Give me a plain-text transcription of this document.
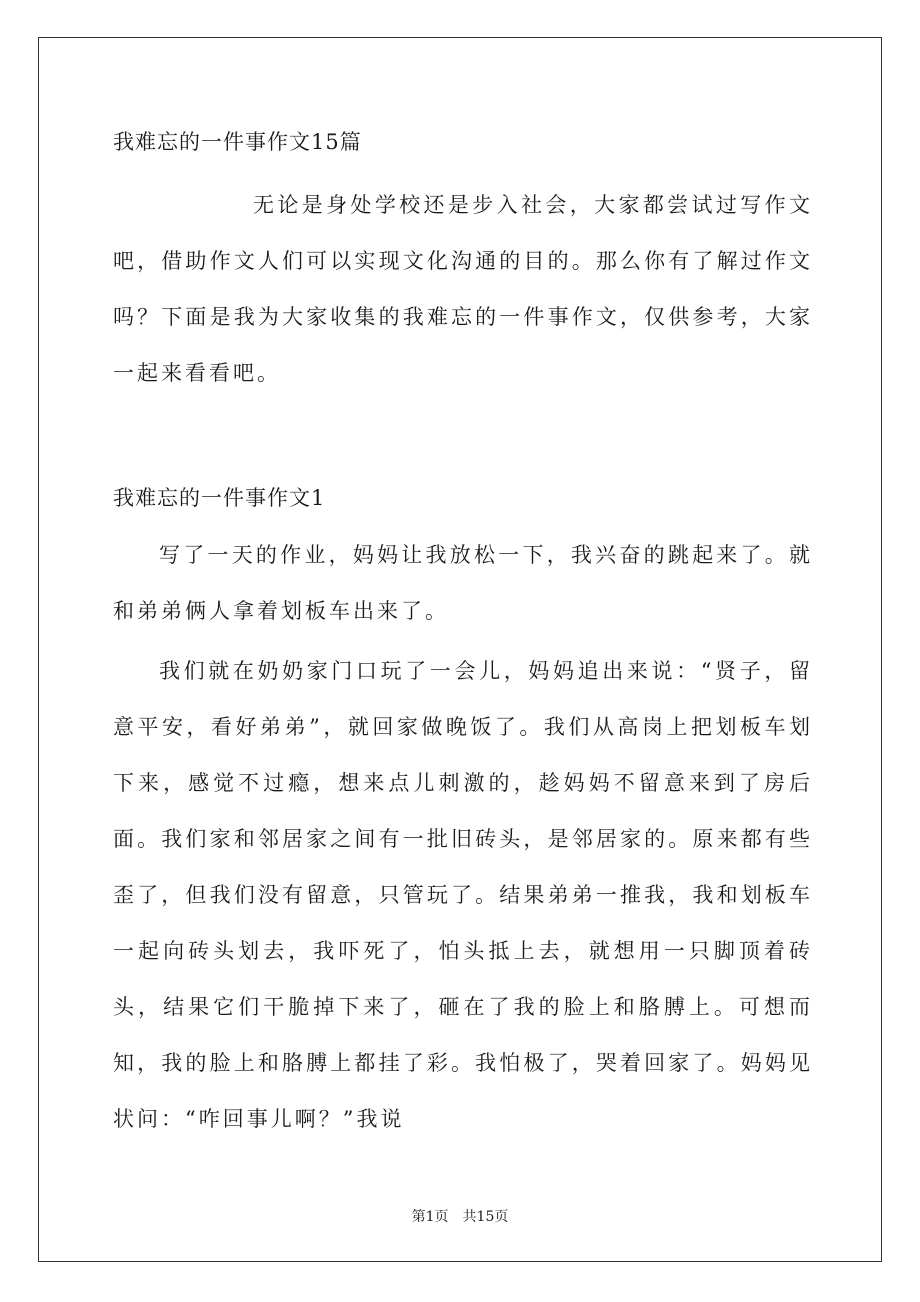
我难忘的一件事作文15篇

无论是身处学校还是步入社会，大家都尝试过写作文吧，借助作文人们可以实现文化沟通的目的。那么你有了解过作文吗？下面是我为大家收集的我难忘的一件事作文，仅供参考，大家一起来看看吧。

我难忘的一件事作文1

写了一天的作业，妈妈让我放松一下，我兴奋的跳起来了。就和弟弟俩人拿着划板车出来了。

我们就在奶奶家门口玩了一会儿，妈妈追出来说：“贤子，留意平安，看好弟弟”，就回家做晚饭了。我们从高岗上把划板车划下来，感觉不过瘾，想来点儿刺激的，趁妈妈不留意来到了房后面。我们家和邻居家之间有一批旧砖头，是邻居家的。原来都有些歪了，但我们没有留意，只管玩了。结果弟弟一推我，我和划板车一起向砖头划去，我吓死了，怕头抵上去，就想用一只脚顶着砖头，结果它们干脆掉下来了，砸在了我的脸上和胳膊上。可想而知，我的脸上和胳膊上都挂了彩。我怕极了，哭着回家了。妈妈见状问：“咋回事儿啊？”我说

第1页 共15页
